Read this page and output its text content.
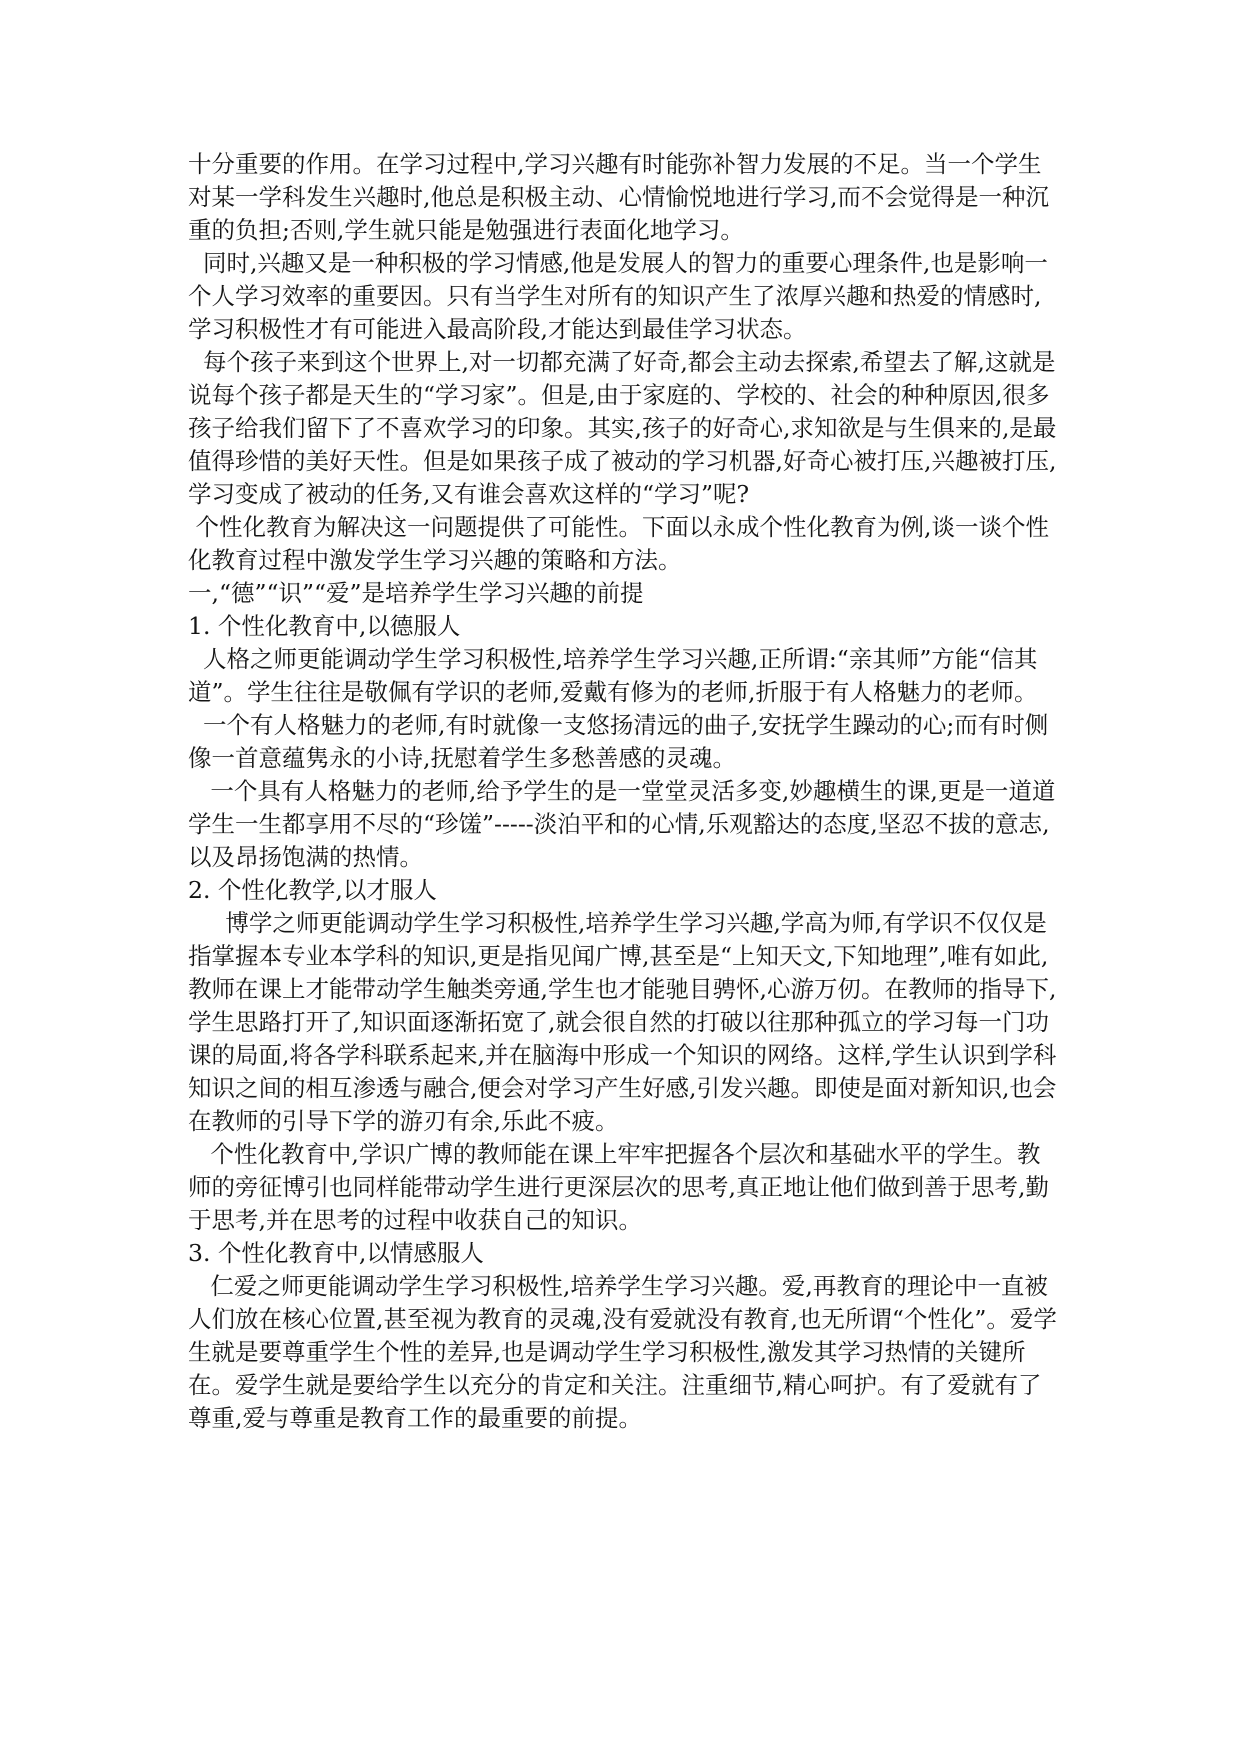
十分重要的作用。在学习过程中,学习兴趣有时能弥补智力发展的不足。当一个学生对某一学科发生兴趣时,他总是积极主动、心情愉悦地进行学习,而不会觉得是一种沉重的负担;否则,学生就只能是勉强进行表面化地学习。

同时,兴趣又是一种积极的学习情感,他是发展人的智力的重要心理条件,也是影响一个人学习效率的重要因。只有当学生对所有的知识产生了浓厚兴趣和热爱的情感时,学习积极性才有可能进入最高阶段,才能达到最佳学习状态。

每个孩子来到这个世界上,对一切都充满了好奇,都会主动去探索,希望去了解,这就是说每个孩子都是天生的“学习家”。但是,由于家庭的、学校的、社会的种种原因,很多孩子给我们留下了不喜欢学习的印象。其实,孩子的好奇心,求知欲是与生俱来的,是最值得珍惜的美好天性。但是如果孩子成了被动的学习机器,好奇心被打压,兴趣被打压,学习变成了被动的任务,又有谁会喜欢这样的“学习”呢?

个性化教育为解决这一问题提供了可能性。下面以永成个性化教育为例,谈一谈个性化教育过程中激发学生学习兴趣的策略和方法。

一,“德”“识”“爱”是培养学生学习兴趣的前提

1. 个性化教育中,以德服人

人格之师更能调动学生学习积极性,培养学生学习兴趣,正所谓:“亲其师”方能“信其道”。学生往往是敬佩有学识的老师,爱戴有修为的老师,折服于有人格魅力的老师。

一个有人格魅力的老师,有时就像一支悠扬清远的曲子,安抚学生躁动的心;而有时侧像一首意蕴隽永的小诗,抚慰着学生多愁善感的灵魂。

一个具有人格魅力的老师,给予学生的是一堂堂灵活多变,妙趣横生的课,更是一道道学生一生都享用不尽的“珍馐”-----淡泊平和的心情,乐观豁达的态度,坚忍不拔的意志,以及昂扬饱满的热情。

2. 个性化教学,以才服人

博学之师更能调动学生学习积极性,培养学生学习兴趣,学高为师,有学识不仅仅是指掌握本专业本学科的知识,更是指见闻广博,甚至是“上知天文,下知地理”,唯有如此,教师在课上才能带动学生触类旁通,学生也才能驰目骋怀,心游万仞。在教师的指导下,学生思路打开了,知识面逐渐拓宽了,就会很自然的打破以往那种孤立的学习每一门功课的局面,将各学科联系起来,并在脑海中形成一个知识的网络。这样,学生认识到学科知识之间的相互渗透与融合,便会对学习产生好感,引发兴趣。即使是面对新知识,也会在教师的引导下学的游刃有余,乐此不疲。

个性化教育中,学识广博的教师能在课上牢牢把握各个层次和基础水平的学生。教师的旁征博引也同样能带动学生进行更深层次的思考,真正地让他们做到善于思考,勤于思考,并在思考的过程中收获自己的知识。

3. 个性化教育中,以情感服人

仁爱之师更能调动学生学习积极性,培养学生学习兴趣。爱,再教育的理论中一直被人们放在核心位置,甚至视为教育的灵魂,没有爱就没有教育,也无所谓“个性化”。爱学生就是要尊重学生个性的差异,也是调动学生学习积极性,激发其学习热情的关键所在。爱学生就是要给学生以充分的肯定和关注。注重细节,精心呵护。有了爱就有了尊重,爱与尊重是教育工作的最重要的前提。
